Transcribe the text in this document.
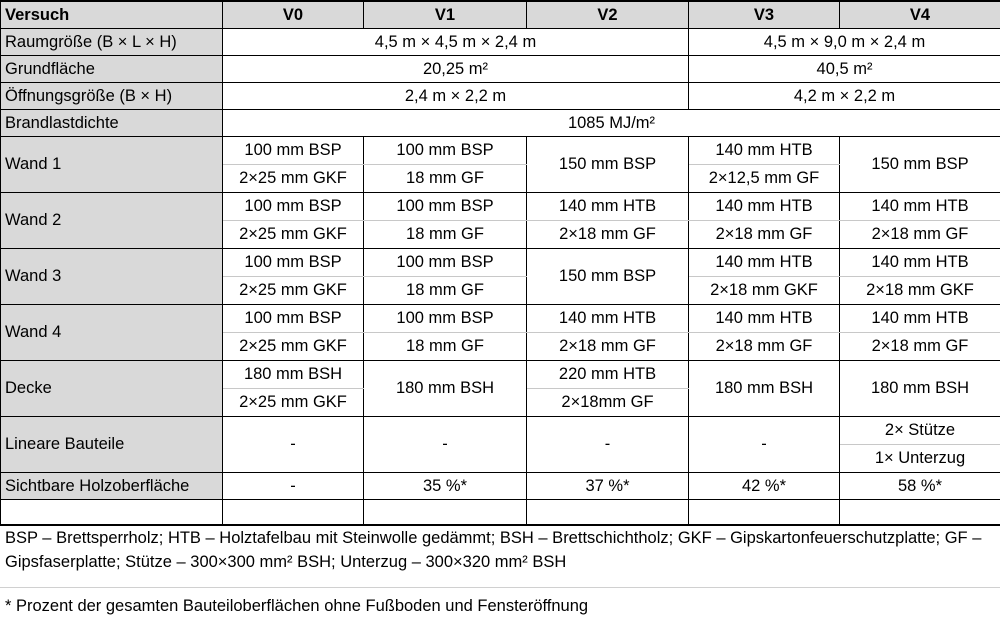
Versuch	V0	V1	V2	V3	V4
Raumgröße (B × L × H)	4,5 m × 4,5 m × 2,4 m			4,5 m × 9,0 m × 2,4 m	
Grundfläche	20,25 m²			40,5 m²	
Öffnungsgröße (B × H)	2,4 m × 2,2 m			4,2 m × 2,2 m	
Brandlastdichte	1085 MJ/m²				
Wand 1	100 mm BSP	100 mm BSP	150 mm BSP	140 mm HTB	150 mm BSP
	2×25 mm GKF	18 mm GF		2×12,5 mm GF	
Wand 2	100 mm BSP	100 mm BSP	140 mm HTB	140 mm HTB	140 mm HTB
	2×25 mm GKF	18 mm GF	2×18 mm GF	2×18 mm GF	2×18 mm GF
Wand 3	100 mm BSP	100 mm BSP	150 mm BSP	140 mm HTB	140 mm HTB
	2×25 mm GKF	18 mm GF		2×18 mm GKF	2×18 mm GKF
Wand 4	100 mm BSP	100 mm BSP	140 mm HTB	140 mm HTB	140 mm HTB
	2×25 mm GKF	18 mm GF	2×18 mm GF	2×18 mm GF	2×18 mm GF
Decke	180 mm BSH	180 mm BSH	220 mm HTB	180 mm BSH	180 mm BSH
	2×25 mm GKF		2×18mm GF		
Lineare Bauteile	-	-	-	-	2× Stütze
					1× Unterzug
Sichtbare Holzoberfläche	-	35 %*	37 %*	42 %*	58 %*

BSP – Brettsperrholz; HTB – Holztafelbau mit Steinwolle gedämmt; BSH – Brettschichtholz; GKF – Gipskartonfeuerschutzplatte; GF – Gipsfaserplatte; Stütze – 300×300 mm² BSH; Unterzug – 300×320 mm² BSH
* Prozent der gesamten Bauteiloberflächen ohne Fußboden und Fensteröffnung
